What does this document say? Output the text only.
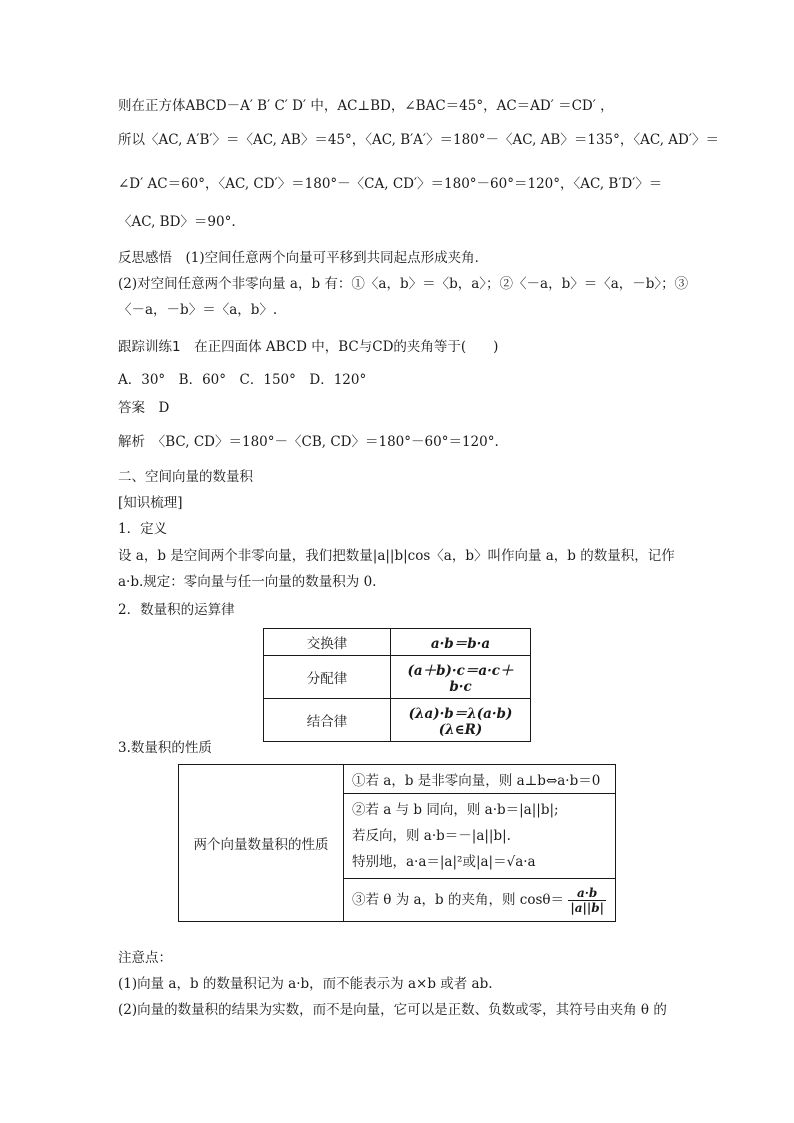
则在正方体ABCD－A′ B′ C′ D′ 中，AC⊥BD，∠BAC＝45°，AC＝AD′ ＝CD′ ，
所以〈AC, A′B′〉＝〈AC, AB〉＝45°，〈AC, B′A′〉＝180°－〈AC, AB〉＝135°，〈AC, AD′〉＝
∠D′ AC＝60°，〈AC, CD′〉＝180°－〈CA, CD′〉＝180°－60°＝120°，〈AC, B′D′〉＝
〈AC, BD〉＝90°.
反思感悟　 (1)空间任意两个向量可平移到共同起点形成夹角．
(2)对空间任意两个非零向量 a，b 有：①〈a，b〉＝〈b，a〉；②〈－a，b〉＝〈a，－b〉；③
〈－a，－b〉＝〈a，b〉.
跟踪训练1　 在正四面体 ABCD 中，BC与CD的夹角等于(　　)
A．30°　B．60°　C．150°　D．120°
答案　 D
解析　 〈BC, CD〉＝180°－〈CB, CD〉＝180°－60°＝120°.
二、空间向量的数量积
[知识梳理]
1．定义
设 a，b 是空间两个非零向量，我们把数量|a||b|cos〈a，b〉叫作向量 a，b 的数量积，记作
a·b.规定：零向量与任一向量的数量积为 0.
2．数量积的运算律
交换律	a·b＝b·a
分配律	(a＋b)·c＝a·c＋b·c
结合律	(λa)·b＝λ(a·b)(λ∈R)
3.数量积的性质
两个向量数量积的性质	①若 a，b 是非零向量，则 a⊥b⇔a·b＝0

②若 a 与 b 同向，则 a·b＝|a||b|;
若反向，则 a·b＝－|a||b|.
特别地，a·a＝|a|²或|a|＝√a·a

③若 θ 为 a，b 的夹角，则 $\cos\theta= \frac{a\cdot b}{|a||b|}$
注意点：
(1)向量 a，b 的数量积记为 a·b，而不能表示为 a×b 或者 ab.
(2)向量的数量积的结果为实数，而不是向量，它可以是正数、负数或零，其符号由夹角 θ 的
